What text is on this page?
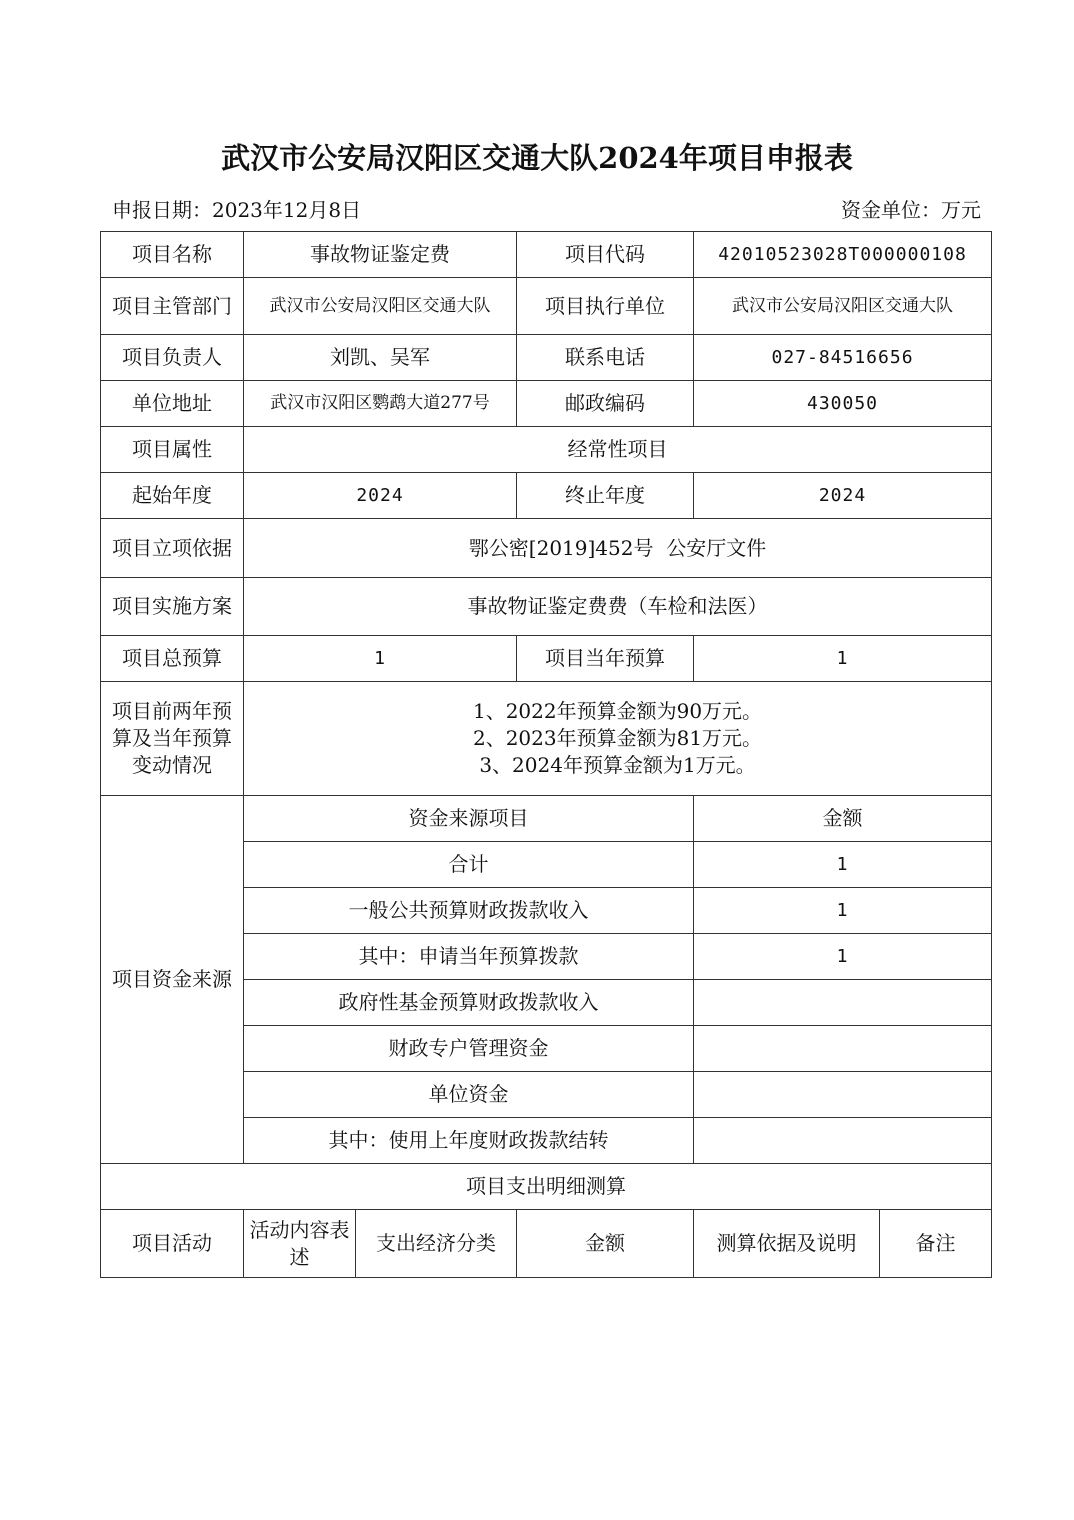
武汉市公安局汉阳区交通大队2024年项目申报表
申报日期：2023年12月8日	资金单位：万元
项目名称	事故物证鉴定费		项目代码	42010523028T000000108	
项目主管部门	武汉市公安局汉阳区交通大队		项目执行单位	武汉市公安局汉阳区交通大队	
项目负责人	刘凯、吴军		联系电话	027-84516656	
单位地址	武汉市汉阳区鹦鹉大道277号		邮政编码	430050	
项目属性	经常性项目				
起始年度	2024		终止年度	2024	
项目立项依据	鄂公密[2019]452号  公安厅文件				
项目实施方案	事故物证鉴定费费（车检和法医）				
项目总预算	1		项目当年预算	1	
项目前两年预算及当年预算变动情况	1、2022年预算金额为90万元。
2、2023年预算金额为81万元。
3、2024年预算金额为1万元。				

项目资金来源	资金来源项目			金额	
	合计			1	
	一般公共预算财政拨款收入			1	
	其中：申请当年预算拨款			1	
	政府性基金预算财政拨款收入				
	财政专户管理资金				
	单位资金				
	其中：使用上年度财政拨款结转				
项目支出明细测算					
项目活动	活动内容表述	支出经济分类	金额	测算依据及说明	备注
